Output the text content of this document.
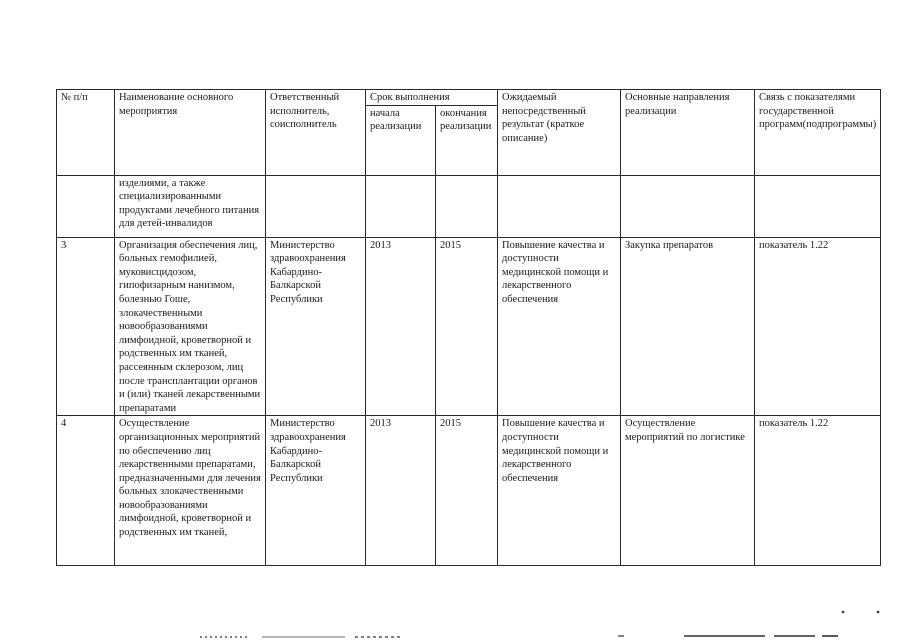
№ п/п	Наименование основного мероприятия	Ответственный исполнитель, соисполнитель	Срок выполнения		Ожидаемый непосредственный результат (краткое описание)	Основные направления реализации	Связь с показателями государственной программ(подпрограммы)
			начала реализации	окончания реализации			
	изделиями, а также специализированными продуктами лечебного питания для детей-инвалидов						
3	Организация обеспечения лиц, больных гемофилией, муковисцидозом, гипофизарным нанизмом, болезнью Гоше, злокачественными новообразованиями лимфоидной, кроветворной и родственных им тканей, рассеянным склерозом, лиц после трансплантации органов и (или) тканей лекарственными препаратами	Министерство здравоохранения Кабардино-Балкарской Республики	2013	2015	Повышение качества и доступности медицинской помощи и лекарственного обеспечения	Закупка препаратов	показатель 1.22
4	Осуществление организационных мероприятий по обеспечению лиц лекарственными препаратами, предназначенными для лечения больных злокачественными новообразованиями лимфоидной, кроветворной и родственных им тканей,	Министерство здравоохранения Кабардино-Балкарской Республики	2013	2015	Повышение качества и доступности медицинской помощи и лекарственного обеспечения	Осуществление мероприятий по логистике	показатель 1.22
